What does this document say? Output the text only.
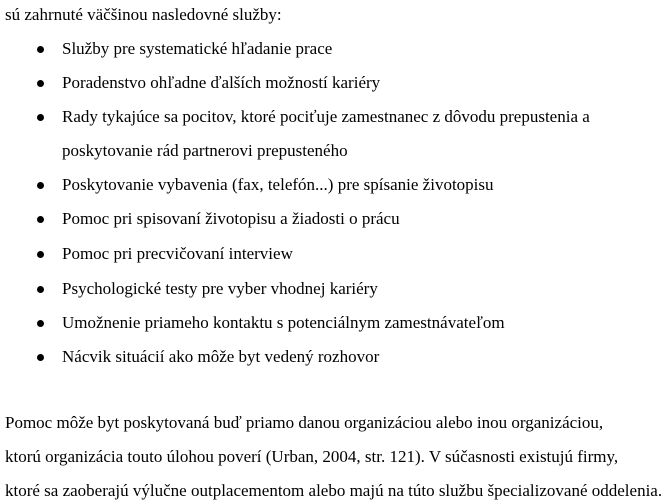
sú zahrnuté väčšinou nasledovné služby:
Služby pre systematické hľadanie prace
Poradenstvo ohľadne ďalších možností kariéry
Rady tykajúce sa pocitov, ktoré pociťuje zamestnanec z dôvodu prepustenia a
poskytovanie rád partnerovi prepusteného
Poskytovanie vybavenia (fax, telefón...) pre spísanie životopisu
Pomoc pri spisovaní životopisu a žiadosti o prácu
Pomoc pri precvičovaní interview
Psychologické testy pre vyber vhodnej kariéry
Umožnenie priameho kontaktu s potenciálnym zamestnávateľom
Nácvik situácií ako môže byt vedený rozhovor
Pomoc môže byt poskytovaná buď priamo danou organizáciou alebo inou organizáciou,
ktorú organizácia touto úlohou poverí (Urban, 2004, str. 121). V súčasnosti existujú firmy,
ktoré sa zaoberajú výlučne outplacementom alebo majú na túto službu špecializované oddelenia.
